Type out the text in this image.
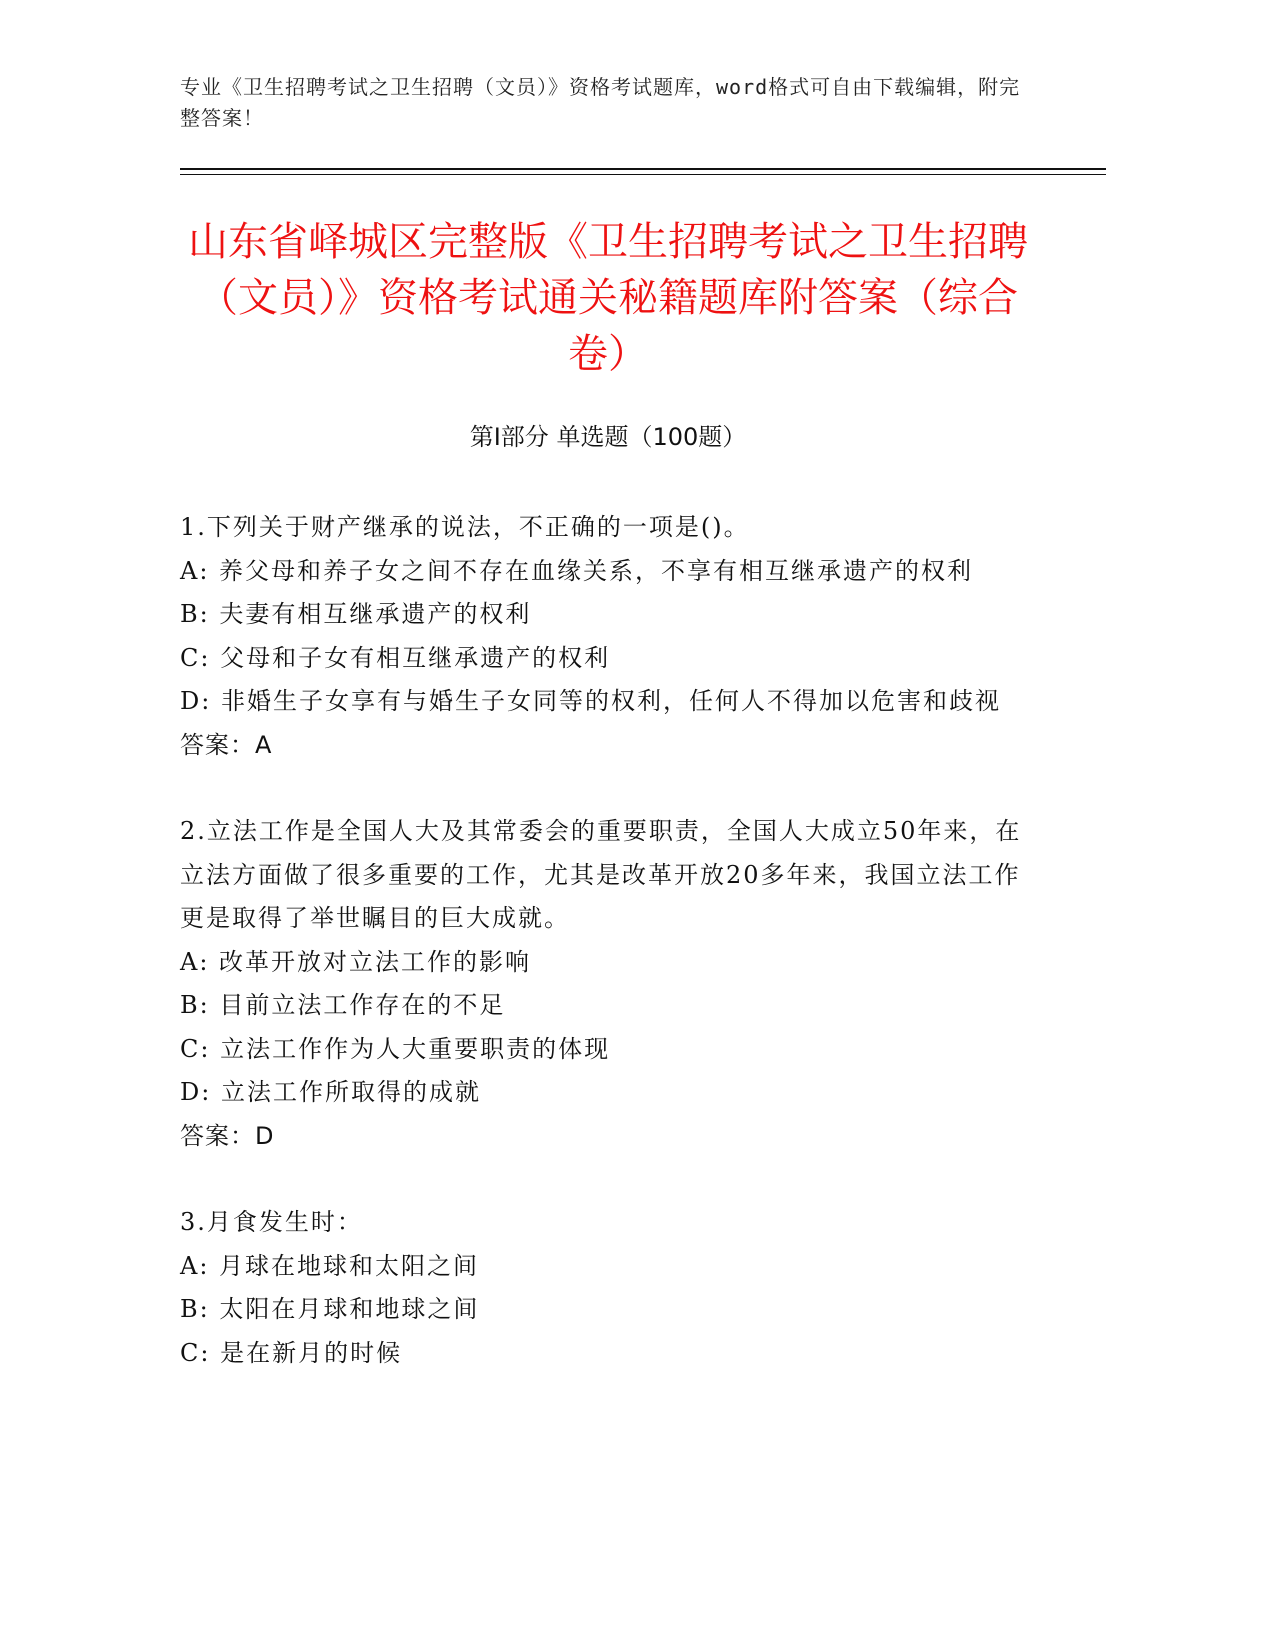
专业《卫生招聘考试之卫生招聘（文员）》资格考试题库，word格式可自由下载编辑，附完整答案！
山东省峄城区完整版《卫生招聘考试之卫生招聘（文员）》资格考试通关秘籍题库附答案（综合卷）
第Ⅰ部分 单选题（100题）
1.下列关于财产继承的说法，不正确的一项是()。
A: 养父母和养子女之间不存在血缘关系，不享有相互继承遗产的权利
B: 夫妻有相互继承遗产的权利
C: 父母和子女有相互继承遗产的权利
D: 非婚生子女享有与婚生子女同等的权利，任何人不得加以危害和歧视
答案：A
2.立法工作是全国人大及其常委会的重要职责，全国人大成立50年来，在立法方面做了很多重要的工作，尤其是改革开放20多年来，我国立法工作更是取得了举世瞩目的巨大成就。
A: 改革开放对立法工作的影响
B: 目前立法工作存在的不足
C: 立法工作作为人大重要职责的体现
D: 立法工作所取得的成就
答案：D
3.月食发生时：
A: 月球在地球和太阳之间
B: 太阳在月球和地球之间
C: 是在新月的时候
